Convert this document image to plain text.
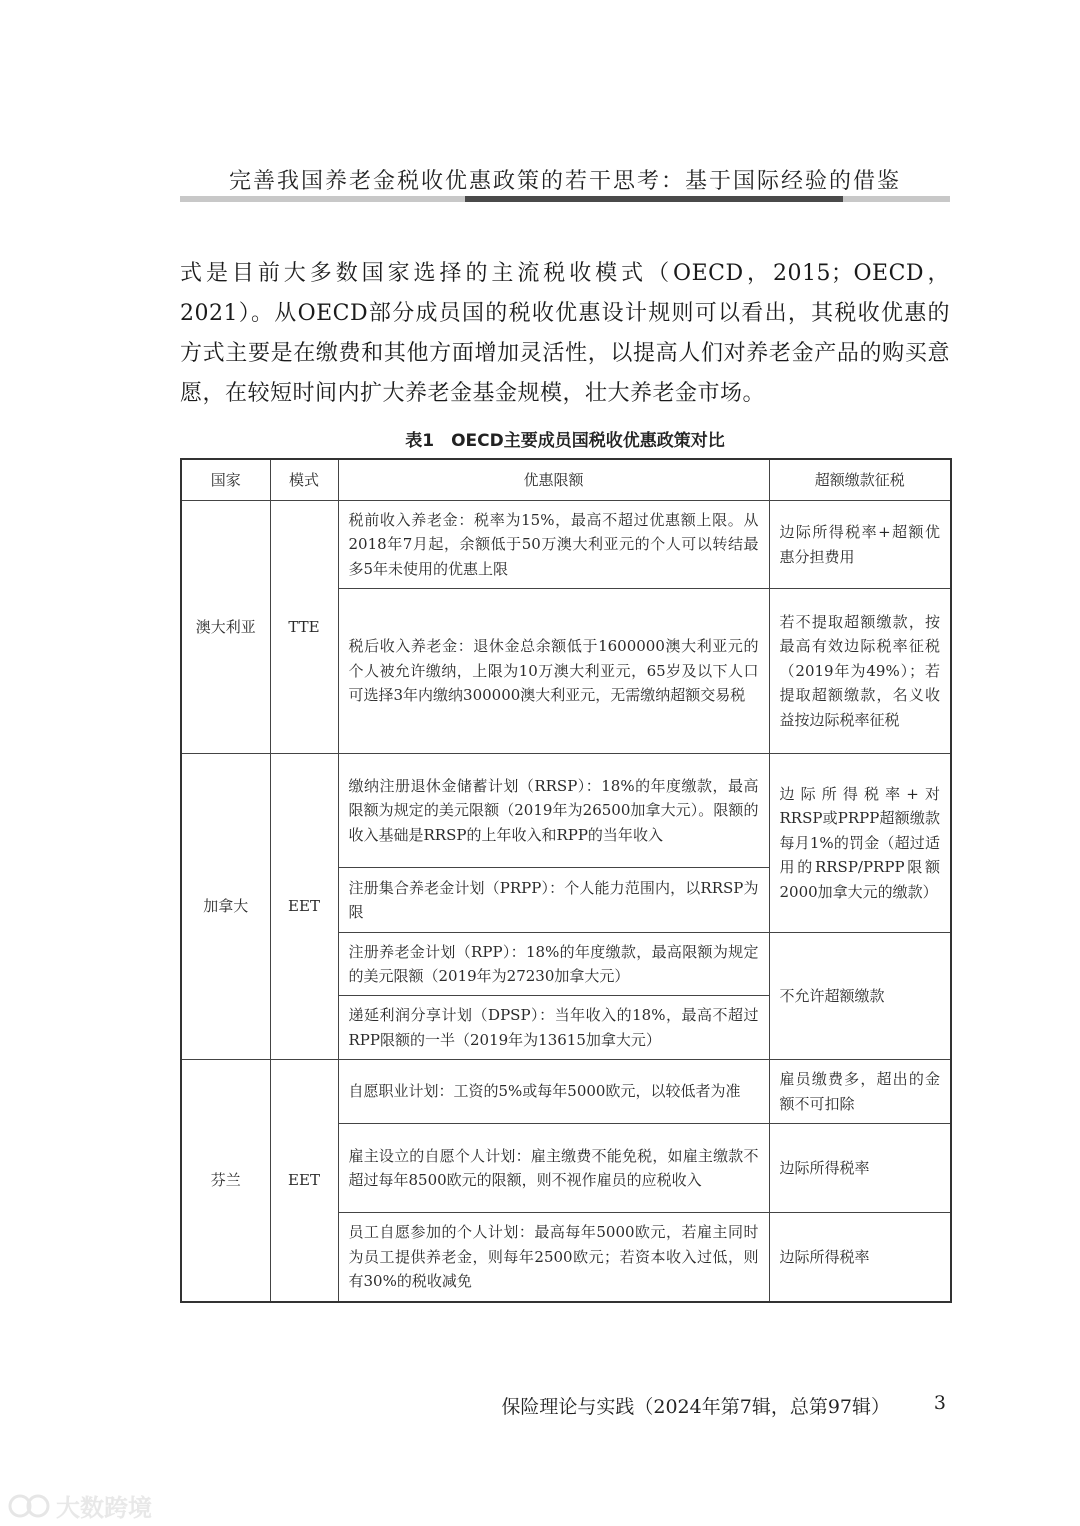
完善我国养老金税收优惠政策的若干思考：基于国际经验的借鉴

式是目前大多数国家选择的主流税收模式（OECD，2015；OECD，2021）。从OECD部分成员国的税收优惠设计规则可以看出，其税收优惠的方式主要是在缴费和其他方面增加灵活性，以提高人们对养老金产品的购买意愿，在较短时间内扩大养老金基金规模，壮大养老金市场。

表1　OECD主要成员国税收优惠政策对比
国家	模式	优惠限额	超额缴款征税
澳大利亚	TTE	税前收入养老金：税率为15%，最高不超过优惠额上限。从2018年7月起，余额低于50万澳大利亚元的个人可以转结最多5年未使用的优惠上限	边际所得税率+超额优惠分担费用
		税后收入养老金：退休金总余额低于1600000澳大利亚元的个人被允许缴纳，上限为10万澳大利亚元，65岁及以下人口可选择3年内缴纳300000澳大利亚元，无需缴纳超额交易税	若不提取超额缴款，按最高有效边际税率征税（2019年为49%）；若提取超额缴款，名义收益按边际税率征税
加拿大	EET	缴纳注册退休金储蓄计划（RRSP）：18%的年度缴款，最高限额为规定的美元限额（2019年为26500加拿大元）。限额的收入基础是RRSP的上年收入和RPP的当年收入	边际所得税率+对RRSP或PRPP超额缴款每月1%的罚金（超过适用的RRSP/PRPP限额2000加拿大元的缴款）
		注册集合养老金计划（PRPP）：个人能力范围内，以RRSP为限	
		注册养老金计划（RPP）：18%的年度缴款，最高限额为规定的美元限额（2019年为27230加拿大元）	不允许超额缴款
		递延利润分享计划（DPSP）：当年收入的18%，最高不超过RPP限额的一半（2019年为13615加拿大元）	
芬兰	EET	自愿职业计划：工资的5%或每年5000欧元，以较低者为准	雇员缴费多，超出的金额不可扣除
		雇主设立的自愿个人计划：雇主缴费不能免税，如雇主缴款不超过每年8500欧元的限额，则不视作雇员的应税收入	边际所得税率
		员工自愿参加的个人计划：最高每年5000欧元，若雇主同时为员工提供养老金，则每年2500欧元；若资本收入过低，则有30%的税收减免	边际所得税率
保险理论与实践（2024年第7辑，总第97辑） 3
大数跨境
